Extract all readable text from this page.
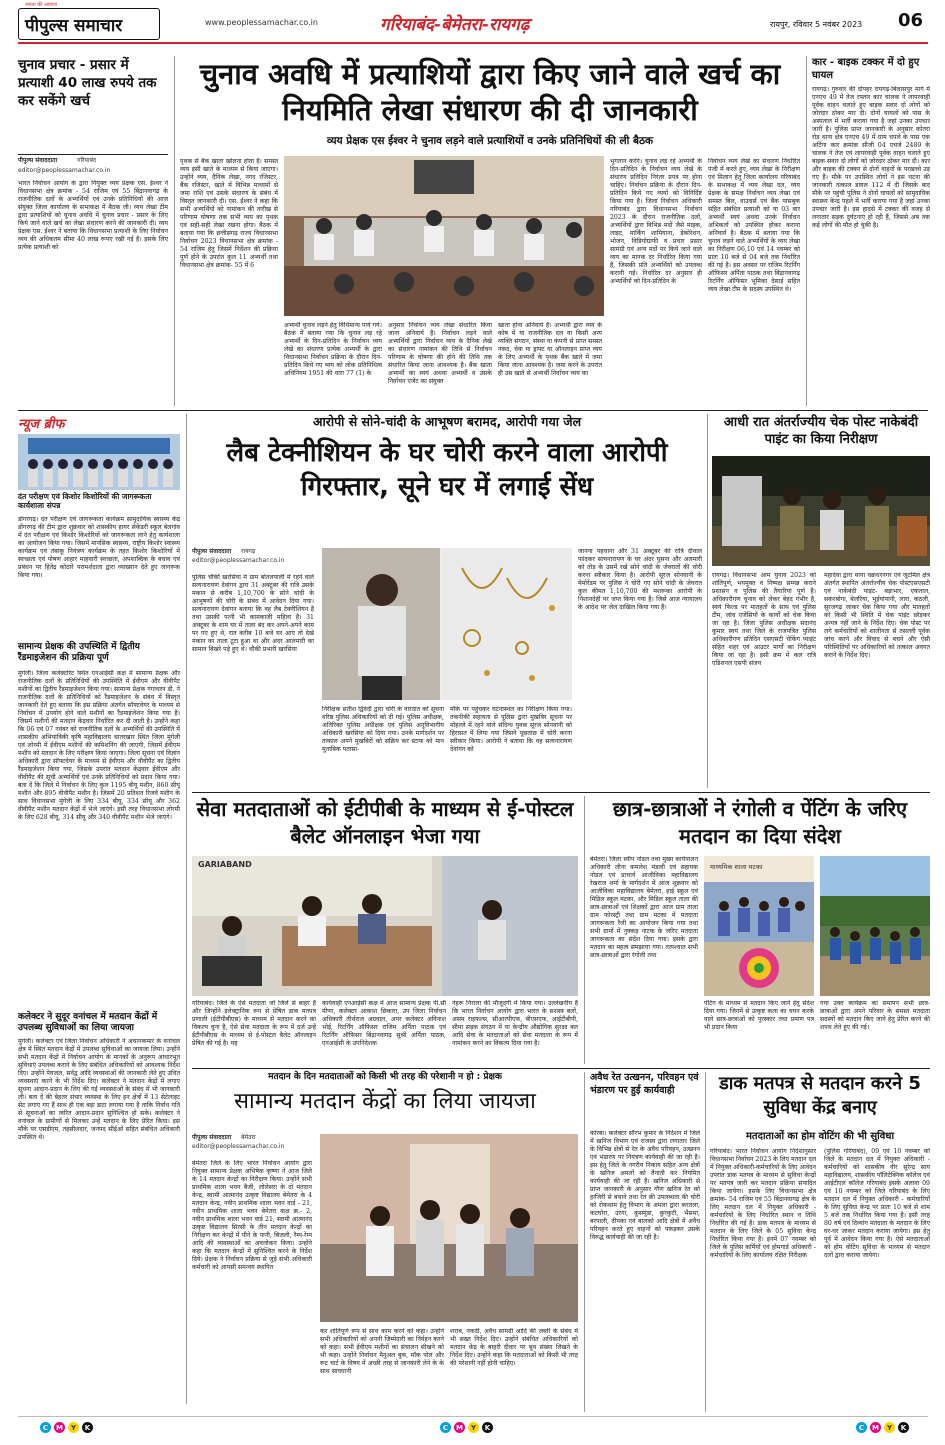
जनता की आवाज
पीपुल्स समाचार	www.peoplessamachar.co.in	गरियाबंद-बेमेतरा-रायगढ़	रायपुर, रविवार 5 नवंबर 2023 06
चुनाव प्रचार - प्रसार में प्रत्याशी 40 लाख रुपये तक कर सकेंगे खर्च
पीपुल्स संवाददाता	गरियाबंद
editor@peoplessamachar.co.in
भारत निर्वाचन आयोग के द्वारा नियुक्त व्यय प्रेक्षक एस. ईश्वर ने विधानसभा क्षेत्र क्रमांक - 54 राजिम एवं 55 बिंद्रानवागढ़ के राजनीतिक दलों के अभ्यर्थियों एवं उनके प्रतिनिधियों की आज संयुक्त जिला कार्यालय के सभाकक्ष में बैठक ली। व्यय लेखा टीम द्वारा प्रत्याशियों को चुनाव अवधि में चुनाव प्रचार - प्रसार के लिए किये जाने वाले खर्च का लेखा संधारण करने की जानकारी दी। व्यय प्रेक्षक एस. ईश्वर ने बताया कि विधानसभा प्रत्याशी के लिए निर्वाचन व्यय की अधिकतम सीमा 40 लाख रूपए रखी गई है। इसके लिए प्रत्येक प्रत्याशी को
चुनाव अवधि में प्रत्याशियों द्वारा किए जाने वाले खर्च का नियमिति लेखा संधारण की दी जानकारी
व्यय प्रेक्षक एस ईश्वर ने चुनाव लड़ने वाले प्रत्याशियों व उनके प्रतिनिधियों की ली बैठक
पृथक से बैंक खाता खोलना होता है। समस्त व्यय इसी खाते के माध्यम से किया जाएगा। उन्होंने व्यय, दैनिक लेखा, नगद रजिस्टर, बैंक रजिस्टर, खाते में विभिन्न माध्यमों से जमा राशि एवं उसके संधारण के संबंध में विस्तृत जानकारी दी। एस. ईश्वर ने कहा कि सभी अभ्यर्थियों को नामांकन की तारीख से परिणाम घोषणा तक सभी व्यय का पृथक एवं सही-सही लेखा रखना होगा। बैठक में बताया गया कि छत्तीसगढ़ राज्य विधानसभा निर्वाचन 2023 विधानसभा क्षेत्र क्रमांक - 54 राजिम हेतु जिसमें निर्देशन की प्रक्रिया पूर्ण होने के उपरांत कुल 11 अभ्यर्थी तथा विधानसभा क्षेत्र क्रमांक- 55 में 6
अभ्यर्थी चुनाव लड़ने हेतु विधिमान्य पाये गये। बैठक में बताया गया कि चुनाव लड़ रहे अभ्यर्थी के दिन-प्रतिदिन के निर्वाचन व्यय लेखे का संधारण प्रत्येक अभ्यर्थी के द्वारा विधानसभा निर्वाचन प्रक्रिया के दौरान दिन-प्रतिदिन किये गए व्यय को लोक प्रतिनिधित्व अधिनियम 1951 की धारा 77 (1) के
अनुसार निर्वाचन व्यय लेखा संधारित किया जाना अनिवार्य है। निर्वाचन लड़ने वाले अभ्यर्थियों द्वारा निर्वाचन व्यय के दैनिक लेखे का संधारण नामांकन की तिथि से निर्वाचन परिणाम के घोषणा की होने की तिथि तक संधारित किया जाना आवश्यक है। बैंक खाता अभ्यर्थी का स्वयं अथवा अभ्यर्थी व उसके निर्वाचन एजेंट का संयुक्त
खाता होना अनिवार्य है। अभ्यर्थी द्वारा व्यय के कोष में या राजनीतिक दल या किसी अन्य व्यक्ति संगठन, संस्था या कंपनी से प्राप्त समस्त नकद, चेक या ड्राफ्ट या ऑनलाइन प्राप्त व्यय के लिए अभ्यर्थी के पृथक बैंक खाते में जमा किया जाना आवश्यक है। जमा करने के उपरांत ही उस खाते से अभ्यर्थी निर्वाचन व्यय का
भुगतान करेंगे। चुनाव लड़ रहे अभ्यर्थी के दिन-प्रतिदिन के निर्वाचन व्यय लेखे के संधारण प्रतिदिन निरंतर प्रपत्र पर होना चाहिए। निर्वाचन प्रक्रिया के दौरान दिन-प्रतिदिन किये गए व्ययों को विनिर्दिष्ट किया गया है। जिला निर्वाचन अधिकारी गरियाबंद द्वारा विधानसभा निर्वाचन 2023 के दौरान राजनीतिक दलों, अभ्यर्थियों द्वारा विभिन्न मदों जैसे माइक, लाइट, मार्किंग शामियाना, डेकोरेशन, भोजन, विडियोग्राफी व प्रचार प्रसार सामग्री एवं अन्य मदों पर किये जाने वाले व्यय का मानक दर निर्धारित किया गया है, जिसकी प्रति अभ्यर्थियों को उपलब्ध करायी गई। निर्धारित दर अनुसार ही अभ्यर्थियों को दिन-प्रतिदिन के
निर्वाचन व्यय लेखे का संधारण निर्धारित पंजी में करते हुए, व्यय लेखा के निरीक्षण एवं मिलान हेतु जिला कार्यालय गरियाबंद के सभाकक्ष में व्यय लेखा दल, व्यय प्रेक्षक के समक्ष निर्वाचन व्यय लेखा एवं समस्त बिल, वाउचर्स एवं बैंक पासबुक सहित संबंधित प्रत्याशी को या 03 बार अभ्यर्थी स्वयं अथवा उनके निर्वाचन अभिकर्ता को उपस्थित होकर कराना अनिवार्य है। बैठक में बताया गया कि चुनाव लड़ने वाले अभ्यर्थियों के व्यय लेखा का निरीक्षण 06,10 एवं 14 नवम्बर को प्रातः 10 बजे से 04 बजे तक निर्धारित की गई है। इस अवसर पर राजिम रिटर्निंग ऑफिसर अर्पिता पाठक तथा बिंद्रानवागढ़ रिटर्निंग ऑफिसर भूमिका देसाई सहित व्यय लेखा टीम के सदस्य उपस्थित थे।
कार - बाइक टक्कर में दो हुए घायल
रायगढ़। गुरुवार की दोपहर रायगढ़-बिलासपुर मार्ग में एनएच 49 में तेज रफ्तार कार चालक ने लापरवाही पूर्वक वाहन चलाते हुए बाइक सवार दो लोगों को जोरदार ठोकर मार दी। दोनों घायलों को पास के अस्पताल में भर्ती कराया गया है जहां उनका उपचार जारी है। पुलिस प्राप्त जानकारी के अनुसार कोतरा रोड थाना क्षेत्र एनएच 49 में ग्राम चपले के पास एक अर्टिगा कार क्रमांक सीजी 04 एचजे 2489 के चालक ने तेज एवं लापरवाही पूर्वक वाहन चलाते हुए बाइक सवार दो लोगों को जोरदार ठोकर मार दी। कार और बाइक की टक्कर से दोनों वाहनों के परखच्चे उड़ गए हैं। मौके पर उपस्थित लोगों ने इस घटना की जानकारी तत्काल डायल 112 में दी जिसके बाद मौके पर पहुंची पुलिस ने दोनों घायलों को सामुदायिक स्वास्थ्य केन्द्र पहले में भर्ती कराया गया है जहां उनका उपचार जारी है। इस हादसे में टक्कर की वजह से लगातार सड़क दुर्घटनाएं हो रही हैं, जिससे अब तक कई लोगों की मौत हो चुकी है।
न्यूज ब्रीफ
दंत परीक्षण एवं किशोर किशोरियों की जागरूकता कार्यशाला संपन्न
डोंगरगढ़। दंत परीक्षण एवं जागरूकता कार्यक्रम सामुदायिक स्वास्थ्य केंद्र डोंगरगढ़ की टीम द्वारा शुक्रवार को शासकीय हायर सेकेंडरी स्कूल बेलगांव में दंत परीक्षण एवं किशोर किशोरियों को जागरूकता लाने हेतु कार्यशाला का आयोजन किया गया। जिसमें मानसिक स्वास्थ्य, राष्ट्रीय किशोर स्वास्थ्य कार्यक्रम एवं तंबाकू नियंत्रण कार्यक्रम के तहत किशोर किशोरियों में स्वच्छता एवं पोषण आहार माहवारी स्वच्छता, अपशाब्दिक के बचाव एवं प्रबंधन पर हितेंद्र कोठारे परामर्शदाता द्वारा व्याख्यान देते हुए जागरूक किया गया।
सामान्य प्रेक्षक की उपस्थिति में द्वितीय रैंडमाइजेशन की प्रक्रिया पूर्ण
मुंगेली। जिला कलेक्टोरेट स्थित एनआईसी कक्ष में सामान्य प्रेक्षक और राजनीतिक दलों के प्रतिनिधियों की उपस्थिति में ईवीएम और वीवीपैट मशीनों का द्वितीय रैंडमाइजेशन किया गया। सामान्य प्रेक्षक गंगाधरन डी. ने राजनीतिक दलों के प्रतिनिधियों को रैंडमाइजेशन के संबंध में विस्तृत जानकारी देते हुए बताया कि इस प्रक्रिया अंतर्गत सॉफ्टवेयर के माध्यम से निर्वाचन में उपयोग होने वाले मशीनों का रैंडमाइजेशन किया गया है। जिसमें मशीनों की मतदान केंद्रवार निर्धारित कर दी जाती है। उन्होंने कहा कि 06 एवं 07 नवंबर को राजनीतिक दलों के अभ्यर्थियों की उपस्थिति में शासकीय अभियांत्रिकी कृषि महाविद्यालय चातरखार स्थित जिला मुंगेली एवं लोरमी में ईवीएम मशीनों की कमिशनिंग की जाएगी, जिसमें ईवीएम मशीन को मतदान के लिए परीक्षण किया जाएगा। जिला सूचना एवं विज्ञान अधिकारी द्वारा सॉफ्टवेयर के माध्यम से ईवीएम और वीवीपैट का द्वितीय रैंडमाइजेशन किया गया, जिसके उपरांत मतदान केंद्रवार ईवीएम और वीवीपैट की सूची अभ्यर्थियों एवं उनके प्रतिनिधियों को प्रदान किया गया। बता दें कि जिले में निर्वाचन के लिए कुल 1195 बीयू मशीन, 860 सीयू मशीन और 895 वीवीपैट मशीन है। जिसमें 20 प्रतिशत रिजर्व मशीन के साथ विधानसभा मुंगेली के लिए 334 बीयू, 334 सीयू और 362 वीवीपैट मशीन मतदान केंद्रों में भेजे जाएंगे। इसी तरह विधानसभा लोरमी के लिए 628 बीयू, 314 सीयू और 340 वीवीपैट मशीन भेजे जाएंगे।
कलेक्टर ने सुदूर वनांचल में मतदान केंद्रों में उपलब्ध सुविधाओं का लिया जायजा
मुंगेली। कलेक्टर एवं जिला निर्वाचन अधिकारी ने अचानकमार के वनांचल क्षेत्र में स्थित मतदान केंद्रों में उपलब्ध सुविधाओं का जायजा लिया। उन्होंने सभी मतदान केंद्रों में निर्वाचन आयोग के मानकों के अनुरूप आधारभूत सुविधाएं उपलब्ध कराने के लिए संबंधित अधिकारियों को आवश्यक निर्देश दिए। उन्होंने पेयजल, सर्वद्व आदि व्यवस्थाओं की जानकारी लेते हुए उचित व्यवस्थाएं करने के भी निर्देश दिए। कलेक्टर ने मतदान केंद्रों में लगाए सूचना आदान-प्रदान के लिए की गई व्यवस्थाओं के संबंध में भी जानकारी ली। बता दें की बेहतर संचार व्यवस्था के लिए इन क्षेत्रों में 13 सेटेलाइट सेट लगाए गए हैं साथ ही एक बड़ा डाटा लगाया गया है ताकि निर्वाध गति से सूचनाओं का त्वरित आदान-प्रदान सुनिश्चित हो सके। कलेक्टर ने वनांचल के ग्रामीणों से मिलकर उन्हें मतदान के लिए प्रेरित किया। इस मौके पर एसडीएम, तहसीलदार, जनपद सीईओ सहित संबंधित अधिकारी उपस्थित थे।
आरोपी से सोने-चांदी के आभूषण बरामद, आरोपी गया जेल
लैब टेक्नीशियन के घर चोरी करने वाला आरोपी गिरफ्तार, सूने घर में लगाई सेंध
पीपुल्स संवाददाता रायगढ़
editor@peoplessamachar.co.in
पुलिस चौकी खरसिया में ग्राम बोतलपाली में रहने वाले सत्यनारायण देवांगन द्वारा 31 अक्टूबर की रात्रि उसके मकान से करीब 1,10,700 के सोने चांदी के आभूषणों की चोरी के संबंध में आवेदन दिया गया। सत्यनारायण देवांगन बताया कि वह लैब टेक्नीशियन है तथा उसकी पत्नी भी कामकाजी महिला है। 31 अक्टूबर के शाम घर में ताला बंद कर अपने-अपने काम पर गए हुए थे, रात करीब 10 बजे घर आए तो देखे मकान का ताला टूटा हुआ था और अंदर आलमारी का सामान बिखरे पड़े हुए थे। चौकी प्रभारी खरसिया
निरीक्षक सतीश द्विवेदी द्वारा चोरी के वारदात को सूचना वरिष्ठ पुलिस अधिकारियों को दी गई। पुलिस अधीक्षक, अतिरिक्त पुलिस अधीक्षक एवं पुलिस अनुविभागीय अधिकारी खरसिया को दिया गया। उनके मार्गदर्शन पर तत्काल अपने मुखबिरों को सक्रिय कर स्टाफ को मान मुताबिक पतासा-
मौके पर पहुंचकर घटनास्थल का निरीक्षण किया गया। तकनीकी सहायता से पुलिस द्वारा मुखबिर सूचना पर मोहल्ले में रहने वाले संदिग्ध युवक सूरज सोनवानी को हिरासत में लिया गया जिसने पूछताछ में चोरी करना स्वीकार किया। आरोपी ने बताया कि वह सत्यनारायण देवांगन को
जानना पहचाना और 31 अक्टूबर की रात्रि दीवाल फांदकर सत्यनारायण के घर अंदर घुसना और अलमारी को तोड़ के उसमें रखे सोने चांदी के जेवरातों की चोरी करना स्वीकार किया है। आरोपी सूरज सोनवानी के मेमोरेंडम पर पुलिस ने चोरी गए सोने चांदी के जेवरात कुल कीमत 1,10,700 की मशरूका आरोपी के निशानदेही पर जप्त किया गया है। जिसे आज न्यायालय के आदेश पर जेल दाखिल किया गया है।
आधी रात अंतर्राज्यीय चेक पोस्ट नाकेबंदी पाइंट का किया निरीक्षण
रायगढ़। विधानसभा आम चुनाव 2023 को शांतिपूर्ण, भयमुक्त व निष्पक्ष सम्पन्न कराने प्रशासन व पुलिस की तैयारियां पूर्ण है। अधिकारीगण चुनाव को लेकर बेहद गंभीर है, स्वयं फिल्ड पर मातहतों के साथ एवं पुलिस टीम, जांच एजेंसियों के कार्यों को चेक किया जा रहा है। जिला पुलिस अधीक्षक सदानंद कुमार स्वयं तथा जिले के राजपत्रित पुलिस अधिकारीगण प्रतिदिन एसएसटी चेकिंग प्वाइंट सहित शहर एवं आउटर मार्गों का निरीक्षण किया जा रहा है। इसी क्रम में कल रात्रि एडिशनल एसपी संजय
महादेवा द्वारा थाना चक्रधरनगर एवं जूटमिल क्षेत्र अंतर्गत स्थापित अंतर्राज्यीय चेक पोस्टएसएसटी एवं नाकेबंदी पाइंट- बड़ाभार, एकताल, सकरबोगा, बेलरिया, भुईयांपानी, लारा, कठली, सुरजगढ़ जाकर चेक किया गया और मातहतों को किसी भी स्थिति में चेक पाइंट छोड़कर अन्यत्र नहीं जाने के निर्देश दिए। चेक पोस्ट पर लगे कर्मचारियों को शालीनता से तसल्ली पूर्वक जांच करने और विवाद से बचने और ऐसी परिस्थितियों पर अधिकारियों को तत्काल अवगत कराने के निर्देश दिए।
सेवा मतदाताओं को ईटीपीबी के माध्यम से ई-पोस्टल बैलेट ऑनलाइन भेजा गया
GARIABAND
गरियाबंद। जिले के ऐसे मतदाता जो जिले से बाहर हैं और जिन्होंने इलेक्ट्रानिक रूप से प्रेषित डाक मतपत्र प्रणाली (ईटीपीबीएस) के माध्यम से मतदान करने का विकल्प चुना है, ऐसे सेवा मतदाता के रूप में दर्ज उन्हें ईटीपीबीएस के माध्यम से ई-पोस्टल बैलेट ऑनलाइन प्रेषित की गई है। यह
कार्यवाही एनआईसी कक्ष में आज सामान्य प्रेक्षक पी.सी मीणा, कलेक्टर आकाश छिकारा, उप जिला निर्वाचन अधिकारी तीर्थराज अग्रवाल, अपर कलेक्टर अविनाश भोई, रिटर्निंग ऑफिसर राजिम अर्पिता पाठक एवं रिटर्निंग ऑफिसर बिंद्रानवागढ़ सुश्री अर्पिता पाठक, एनआईसी के उपनिदेशक
नेहरू निराला की मौजूदगी में किया गया। उल्लेखनीय है कि भारत निर्वाचन आयोग द्वारा भारत के सशस्त्र बलों, असम राइफल्स, सीआरपीएफ, बीएसएफ, आईटीबीपी, सीमा सड़क संगठन में या केन्द्रीय औद्योगिक सुरक्षा बल आदि सेवा के मतदाताओं को सेवा मतदाता के रूप में नामांकन करने का विकल्प दिया गया है।
छात्र-छात्राओं ने रंगोली व पेंटिंग के जरिए मतदान का दिया संदेश
बेमेतरा। जिला स्वीप नोडल तथा मुख्य कार्यपालन अधिकारी लीना कमलेश मंडावी एवं सहायक नोडल एवं प्राचार्य आजीविका महाविद्यालय रेखराज शर्मा के मार्गदर्शन में आज शुक्रवार को आजीविका महाविद्यालय बेमेतरा, हाई स्कूल एवं मिडिल स्कूल मटका, और मिडिल स्कूल ताला की छात्र-छात्राओं एवं शिक्षकों द्वारा आज ग्राम ताला ग्राम फोरस्ट्री तथा ग्राम मटका में मतदाता जागरूकता रैली का आयोजन किया गया तथा सभी ग्रामों में नुक्कड़ नाटक के जरिए मतदाता जागरूकता का संदेश दिया गया। इसके द्वारा मतदान का महत्व समझाया गया। तत्पश्चात सभी छात्र-छात्राओं द्वारा रंगोली तथा
माध्यमिक शाला मटका
पेंटिंग के माध्यम से मतदान किए जाने हेतु संदेश दिया गया। जिनमें से उत्कृष्ट कला का चयन करके वाले छात्र-छात्राओं को पुरस्कार तथा प्रमाण पत्र भी प्रदान किया
गया उक्त कार्यक्रम का समापन सभी छात्र-छात्राओं द्वारा अपने परिवार के समस्त मतदाता सदस्यों को मतदान किए जाने हेतु प्रेरित करने की शपथ लेते हुए की गई।
मतदान के दिन मतदाताओं को किसी भी तरह की परेशानी न हो : प्रेक्षक
सामान्य मतदान केंद्रों का लिया जायजा
पीपुल्स संवाददाता बेमेतरा
editor@peoplessamachar.co.in
बेमेतरा जिले के लिए भारत निर्वाचन आयोग द्वारा नियुक्त सामान्य प्रेक्षक अभिषेक कृष्णा ने आज जिले के 14 मतदान केन्द्रों का निरीक्षण किया। उन्होंने सभी प्राथमिक शाला भवन बैजी, लोलेसरा के दो मतदान केन्द्र, स्वामी आत्मानंद उत्कृष्ट विद्यालय बेमेतरा के 4 मतदान केन्द्र, नवीन प्राथमिक शाला भवन वार्ड - 21, नवीन प्राथमिक शाला भवन बेमेतरा कक्ष क्र.- 2, नवीन प्राथमिक शाला भवन वार्ड 21, स्वामी आत्मानंद उत्कृष्ट विद्यालय सिरसी के तीन मतदान केन्द्रों का निरीक्षण कर केन्द्रों में पीने के पानी, बिजली, रैम्प-रेम्प आदि की व्यवस्थाओं का अवलोकन किया। उन्होंने कहा कि मतदान केन्द्रों में सुनिश्चित करने के निर्देश दिये। प्रेक्षक ने निर्वाचन प्रक्रिया से जुड़े सभी अधिकारी कर्मचारी को आपसी समन्वय स्थापित
कर शांतिपूर्ण रूप से साथ काम करने को कहा। उन्होंने सभी अधिकारियों को अपनी जिम्मेदारी का निर्वहन करने को कहा। सभी ईवीएम मशीनों का संचालन सीखने को भी कहा। उन्होंने निर्वाचन मैनुअल बुक, मॉक पोल और रूट चार्ट के विषय में अच्छी तरह से जानकारी लेने के के साथ सावधानी
शराब, नकदी, अवैध सामग्री आदि की जब्ती के संबंध में भी सख्त निर्देश दिए। उन्होंने संबंधित अधिकारियों को मतदान केंद्र के बाहरी दीवार पर बूथ संख्या लिखने के निर्देश दिए। उन्होंने कहा कि मतदाताओं को किसी भी तरह की परेशानी नहीं होनी चाहिए।
अवैध रेत उत्खनन, परिवहन एवं भंडारण पर हुई कार्यवाही
कोरबा। कलेक्टर सौरभ कुमार के निर्देशन में जिले में खनिज विभाग एवं राजस्व द्वारा लगातार जिले के विभिन्न क्षेत्रों से रेत के अवैध परिवहन, उत्खनन एवं भंडारण पर नियंत्रण कार्यवाही की जा रही है। इस हेतु जिले के नगरीय निकाय सहित अन्य क्षेत्रों के खनिज अमलों को तैनाती कर नियमित कार्यवाही की जा रही है। खनिज अधिकारी से प्राप्त जानकारी के अनुसार गौण खनिज रेत को हाजिरी से बचाने तथा रेत की उपलब्धता की चोरी को रोकथाम हेतु विभाग के अमला द्वारा करतला, कटघोरा, उरगा, कुसमुंडा, कुरकुटी, भैसमा, बरपाली, दीपका एवं बालको आदि क्षेत्रों में अवैध परिवहन करते हुए वाहनों को पकड़कर उसके विरुद्ध कार्यवाही की जा रही है।
डाक मतपत्र से मतदान करने 5 सुविधा केंद्र बनाए
मतदाताओं का होम वोटिंग की भी सुविधा
गरियाबंद। भारत निर्वाचन आयोग निर्देशानुसार विधानसभा निर्वाचन 2023 के लिए मतदान दल में नियुक्त अधिकारी-कर्मचारियों के लिए आवेदन उपरांत डाक मतपत्र के माध्यम से सुविधा केन्द्रों पर मतपत्र जारी कर मतदान प्रक्रिया संपादित किया जायेगा। इसके लिए विधानसभा क्षेत्र क्रमांक- 54 राजिम एवं 55 बिंद्रानवागढ़ क्षेत्र के लिए मतदान दल में नियुक्त अधिकारी - कर्मचारियों के लिए निर्धारित स्थान व तिथि निर्धारित की गई है। डाक मतपत्र के माध्यम से मतदान के लिए जिले के 05 सुविधा केन्द्र निर्धारित किया गया है। इनमें 07 नवम्बर को जिले के पुलिस कर्मियों एवं होमगार्ड अधिकारी - कर्मचारियों के लिए कार्यालय रक्षित निरीक्षक
(पुलिस गरियाबंद), 09 एवं 10 नवम्बर को जिले के मतदान दल में नियुक्त अधिकारी - कर्मचारियों को शासकीय वीर सुरेन्द्र साय महाविद्यालय, शासकीय पॉलिटेक्निक कॉलेज एवं आईटीएल कॉलेज गरियाबंद इसके अलावा 09 एवं 10 नवम्बर को जिले गरियाबंद के लिए मतदान दल में नियुक्त अधिकारी - कर्मचारियों के लिए सुविधा केन्द्र पर प्रातः 10 बजे से शाम 5 बजे तक निर्धारित किया गया है। इसी तरह 80 वर्ष एवं दिव्यांग मतदाता के मतदान के लिए घर-घर जाकर मतदान कराया जायेगा। इस हेतु पूर्व में आवेदन किया गया है। ऐसे मतदाताओं को होम वोटिंग सुविधा के माध्यम से मतदान दलों द्वारा कराया जायेगा।
C	M	Y	K	C	M	Y	K	C	M	Y	K
